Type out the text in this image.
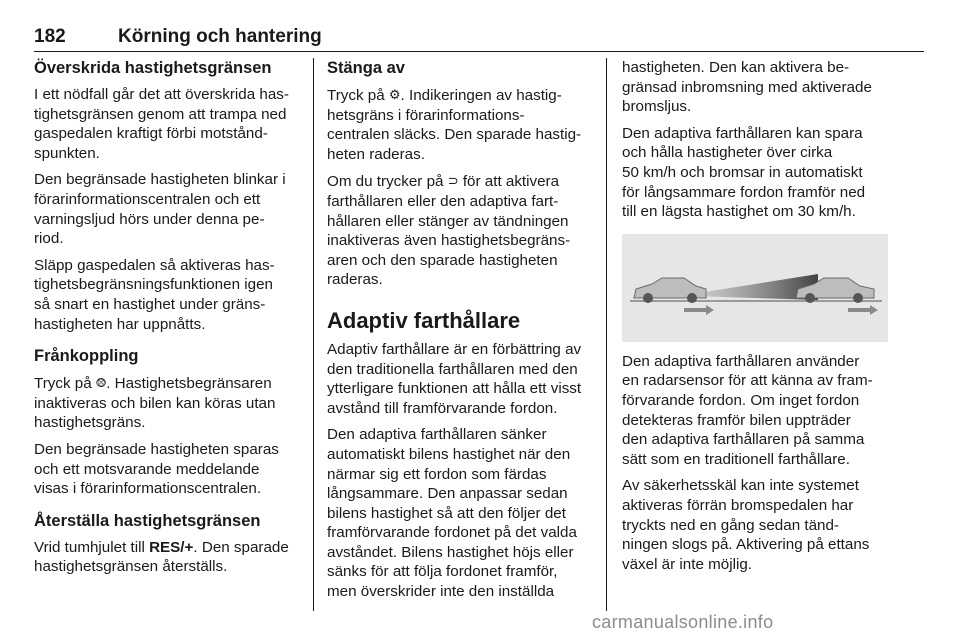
182	Körning och hantering
Överskrida hastighetsgränsen

I ett nödfall går det att överskrida has-
tighetsgränsen genom att trampa ned
gaspedalen kraftigt förbi motstånd-
spunkten.

Den begränsade hastigheten blinkar i
förarinformationscentralen och ett
varningsljud hörs under denna pe-
riod.

Släpp gaspedalen så aktiveras has-
tighetsbegränsningsfunktionen igen
så snart en hastighet under gräns-
hastigheten har uppnåtts.

Frånkoppling

Tryck på ⨷. Hastighetsbegränsaren
inaktiveras och bilen kan köras utan
hastighetsgräns.

Den begränsade hastigheten sparas
och ett motsvarande meddelande
visas i förarinformationscentralen.

Återställa hastighetsgränsen

Vrid tumhjulet till RES/+. Den sparade
hastighetsgränsen återställs.

Stänga av

Tryck på ⚙. Indikeringen av hastig-
hetsgräns i förarinformations-
centralen släcks. Den sparade hastig-
heten raderas.

Om du trycker på ⊃ för att aktivera
farthållaren eller den adaptiva fart-
hållaren eller stänger av tändningen
inaktiveras även hastighetsbegräns-
aren och den sparade hastigheten
raderas.

Adaptiv farthållare

Adaptiv farthållare är en förbättring av
den traditionella farthållaren med den
ytterligare funktionen att hålla ett visst
avstånd till framförvarande fordon.

Den adaptiva farthållaren sänker
automatiskt bilens hastighet när den
närmar sig ett fordon som färdas
långsammare. Den anpassar sedan
bilens hastighet så att den följer det
framförvarande fordonet på det valda
avståndet. Bilens hastighet höjs eller
sänks för att följa fordonet framför,
men överskrider inte den inställda

hastigheten. Den kan aktivera be-
gränsad inbromsning med aktiverade
bromsljus.

Den adaptiva farthållaren kan spara
och hålla hastigheter över cirka
50 km/h och bromsar in automatiskt
för långsammare fordon framför ned
till en lägsta hastighet om 30 km/h.

Den adaptiva farthållaren använder
en radarsensor för att känna av fram-
förvarande fordon. Om inget fordon
detekteras framför bilen uppträder
den adaptiva farthållaren på samma
sätt som en traditionell farthållare.

Av säkerhetsskäl kan inte systemet
aktiveras förrän bromspedalen har
tryckts ned en gång sedan tänd-
ningen slogs på. Aktivering på ettans
växel är inte möjlig.

carmanualsonline.info
